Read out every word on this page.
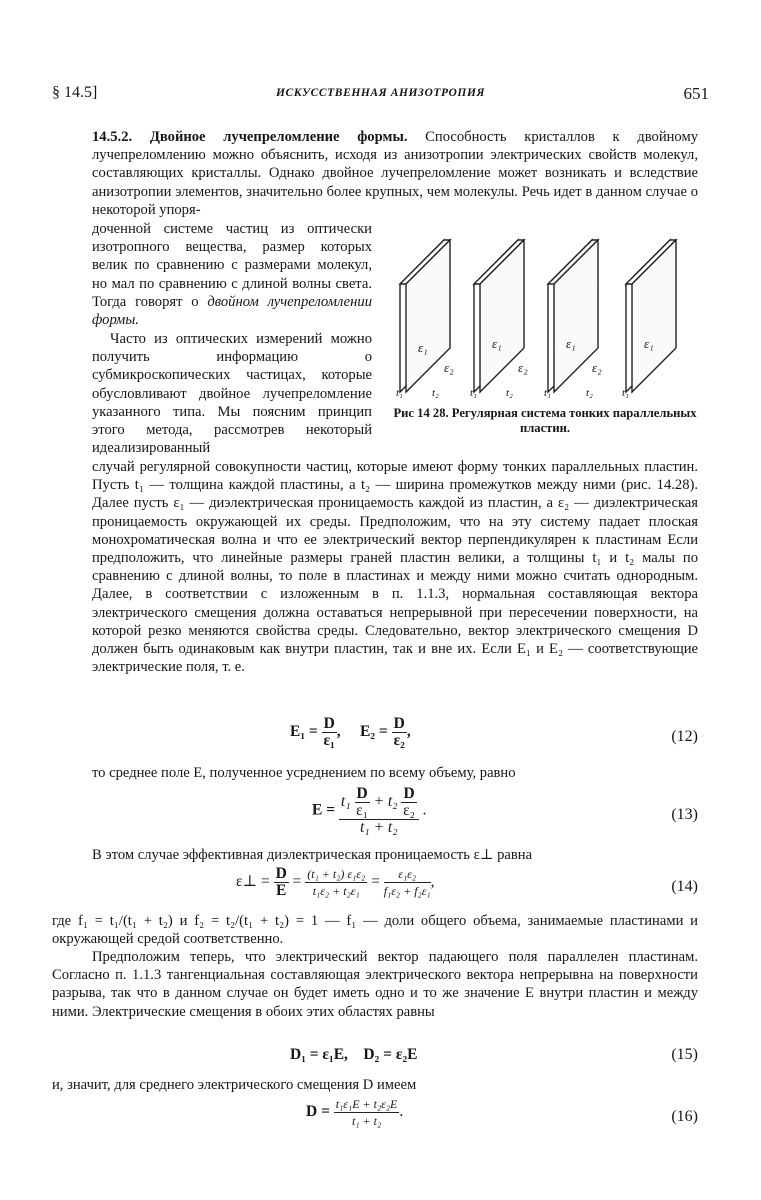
§ 14.5]	ИСКУССТВЕННАЯ АНИЗОТРОПИЯ	651
14.5.2. Двойное лучепреломление формы. Способность кристаллов к двойному лучепреломлению можно объяснить, исходя из анизотропии электрических свойств молекул, составляющих кристаллы. Однако двойное лучепреломление может возникать и вследствие анизотропии элементов, значительно более крупных, чем молекулы. Речь идет в данном случае о некоторой упоря-
доченной системе частиц из оптически изотропного вещества, размер которых велик по сравнению с размерами молекул, но мал по сравнению с длиной волны света. Тогда говорят о двойном лучепреломлении формы.
Часто из оптических измерений можно получить информацию о субмикроскопических частицах, которые обусловливают двойное лучепреломление указанного типа. Мы поясним принцип этого метода, рассмотрев некоторый идеализированный
ε₁	ε₁	ε₁	ε₁
ε₂	ε₂	ε₂
t₁	t₂	t₁	t₂	t₁	t₂	t₁
Рис 14 28. Регулярная система тонких параллельных пластин.
случай регулярной совокупности частиц, которые имеют форму тонких параллельных пластин. Пусть t₁ — толщина каждой пластины, а t₂ — ширина промежутков между ними (рис. 14.28). Далее пусть ε₁ — диэлектрическая проницаемость каждой из пластин, а ε₂ — диэлектрическая проницаемость окружающей их среды. Предположим, что на эту систему падает плоская монохроматическая волна и что ее электрический вектор перпендикулярен к пластинам Если предположить, что линейные размеры граней пластин велики, а толщины t₁ и t₂ малы по сравнению с длиной волны, то поле в пластинах и между ними можно считать однородным. Далее, в соответствии с изложенным в п. 1.1.3, нормальная составляющая вектора электрического смещения должна оставаться непрерывной при пересечении поверхности, на которой резко меняются свойства среды. Следовательно, вектор электрического смещения D должен быть одинаковым как внутри пластин, так и вне их. Если E₁ и E₂ — соответствующие электрические поля, т. е.
$E_1 = \frac{D}{\text{ε₁}}$ ,     $E_2 = \frac{D}{\text{ε₂}}$ ,	(12)
то среднее поле E, полученное усреднением по всему объему, равно
$E = \frac{t_1 \frac{D}{\text{ε₁}} + t_2 \frac{D}{\text{ε₂}}}{\text{t₁ + t₂}}$ .	(13)
В этом случае эффективная диэлектрическая проницаемость ε⊥ равна
ε⊥ = $\frac{D}{E} = \frac{\text{(t₁ + t₂) ε₁ε₂}}{\text{t₁ε₂ + t₂ε₁}} = \frac{\text{ε₁ε₂}}{\text{f₁ε₂ + f₂ε₁}}$ ,	(14)
где f₁ = t₁/(t₁ + t₂) и f₂ = t₂/(t₁ + t₂) = 1 — f₁ — доли общего объема, занимаемые пластинами и окружающей средой соответственно.
Предположим теперь, что электрический вектор падающего поля параллелен пластинам. Согласно п. 1.1.3 тангенциальная составляющая электрического вектора непрерывна на поверхности разрыва, так что в данном случае он будет иметь одно и то же значение E внутри пластин и между ними. Электрические смещения в обоих этих областях равны
D₁ = ε₁E, D₂ = ε₂E	(15)
и, значит, для среднего электрического смещения D имеем
$D = \frac{\text{t₁ε₁E + t₂ε₂E}}{\text{t₁ + t₂}}$ .	(16)
